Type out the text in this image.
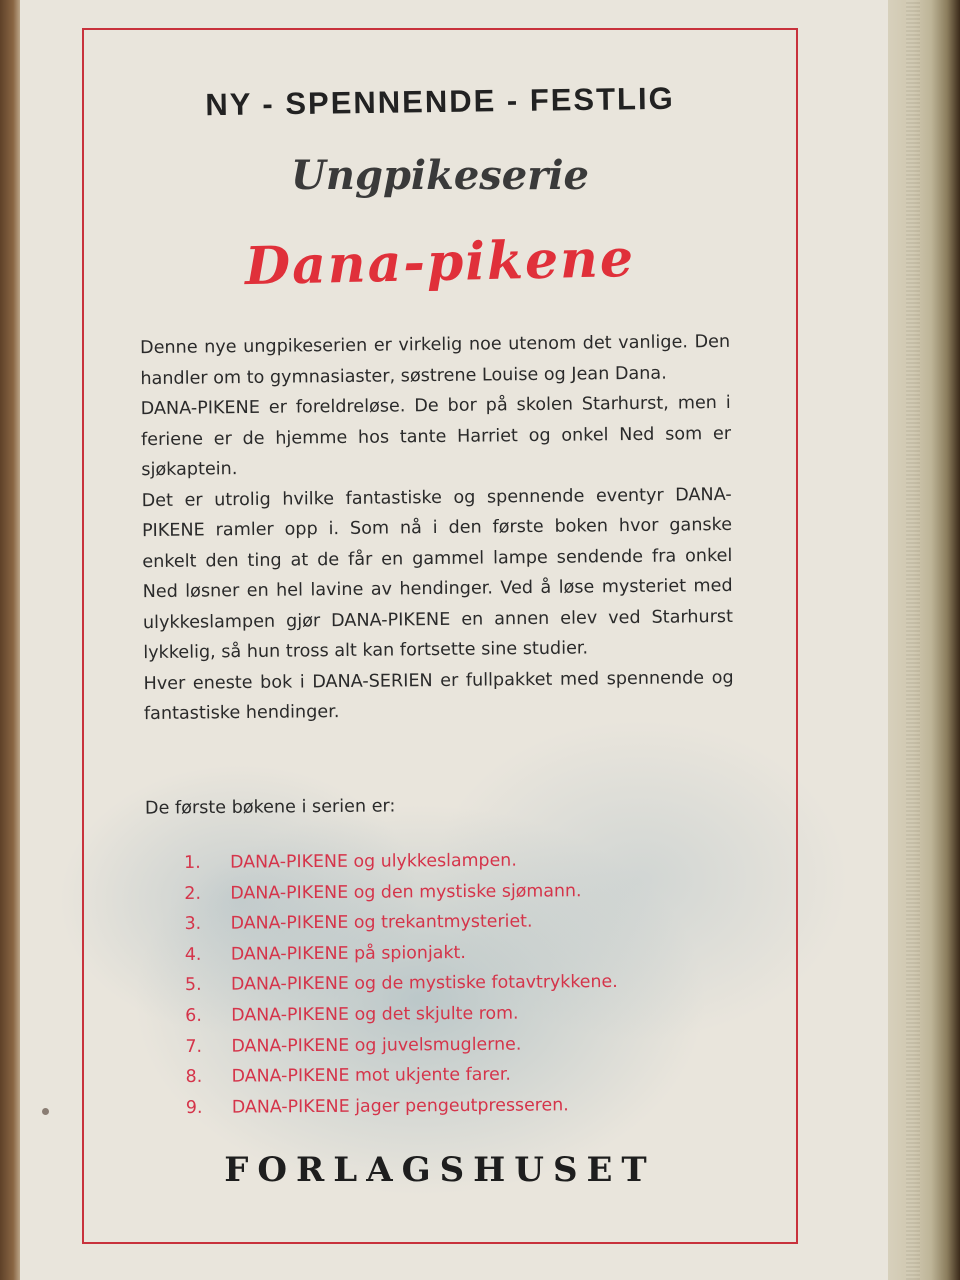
NY - SPENNENDE - FESTLIG
Ungpikeserie
Dana-pikene

Denne nye ungpikeserien er virkelig noe utenom det vanlige. Den handler om to gymnasiaster, søstrene Louise og Jean Dana.

DANA-PIKENE er foreldreløse. De bor på skolen Starhurst, men i feriene er de hjemme hos tante Harriet og onkel Ned som er sjøkaptein.

Det er utrolig hvilke fantastiske og spennende eventyr DANA-PIKENE ramler opp i. Som nå i den første boken hvor ganske enkelt den ting at de får en gammel lampe sendende fra onkel Ned løsner en hel lavine av hendinger. Ved å løse mysteriet med ulykkeslampen gjør DANA-PIKENE en annen elev ved Starhurst lykkelig, så hun tross alt kan fortsette sine studier.

Hver eneste bok i DANA-SERIEN er fullpakket med spennende og fantastiske hendinger.

De første bøkene i serien er:
1. DANA-PIKENE og ulykkeslampen.
2. DANA-PIKENE og den mystiske sjømann.
3. DANA-PIKENE og trekantmysteriet.
4. DANA-PIKENE på spionjakt.
5. DANA-PIKENE og de mystiske fotavtrykkene.
6. DANA-PIKENE og det skjulte rom.
7. DANA-PIKENE og juvelsmuglerne.
8. DANA-PIKENE mot ukjente farer.
9. DANA-PIKENE jager pengeutpresseren.
FORLAGSHUSET
